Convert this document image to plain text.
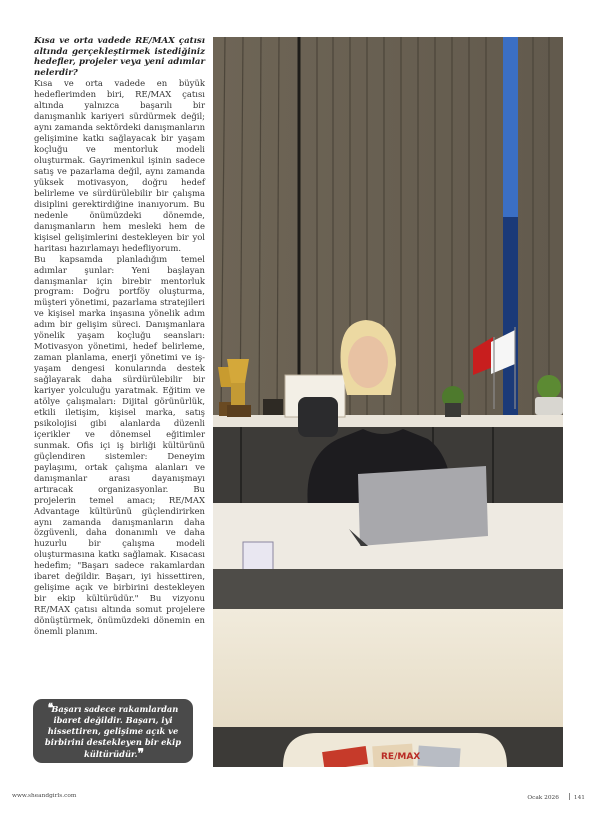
Kısa ve orta vadede RE/MAX çatısı altında gerçekleştirmek istediğiniz hedefler, projeler veya yeni adımlar nelerdir?

Kısa ve orta vadede en büyük hedeflerimden biri, RE/MAX çatısı altında yalnızca başarılı bir danışmanlık kariyeri sürdürmek değil; aynı zamanda sektördeki danışmanların gelişimine katkı sağlayacak bir yaşam koçluğu ve mentorluk modeli oluşturmak. Gayrimenkul işinin sadece satış ve pazarlama değil, aynı zamanda yüksek motivasyon, doğru hedef belirleme ve sürdürülebilir bir çalışma disiplini gerektirdiğine inanıyorum. Bu nedenle önümüzdeki dönemde, danışmanların hem mesleki hem de kişisel gelişimlerini destekleyen bir yol haritası hazırlamayı hedefliyorum.

Bu kapsamda planladığım temel adımlar şunlar: Yeni başlayan danışmanlar için birebir mentorluk program: Doğru portföy oluşturma, müşteri yönetimi, pazarlama stratejileri ve kişisel marka inşasına yönelik adım adım bir gelişim süreci. Danışmanlara yönelik yaşam koçluğu seansları: Motivasyon yönetimi, hedef belirleme, zaman planlama, enerji yönetimi ve iş-yaşam dengesi konularında destek sağlayarak daha sürdürülebilir bir kariyer yolculuğu yaratmak. Eğitim ve atölye çalışmaları: Dijital görünürlük, etkili iletişim, kişisel marka, satış psikolojisi gibi alanlarda düzenli içerikler ve dönemsel eğitimler sunmak. Ofis içi iş birliği kültürünü güçlendiren sistemler: Deneyim paylaşımı, ortak çalışma alanları ve danışmanlar arası dayanışmayı artıracak organizasyonlar. Bu projelerin temel amacı; RE/MAX Advantage kültürünü güçlendirirken aynı zamanda danışmanların daha özgüvenli, daha donanımlı ve daha huzurlu bir çalışma modeli oluşturmasına katkı sağlamak. Kısacası hedefim; "Başarı sadece rakamlardan ibaret değildir. Başarı, iyi hissettiren, gelişime açık ve birbirini destekleyen bir ekip kültürüdür." Bu vizyonu RE/MAX çatısı altında somut projelere dönüştürmek, önümüzdeki dönemin en önemli planım.

❛❛Başarı sadece rakamlardan ibaret değildir. Başarı, iyi hissettiren, gelişime açık ve birbirini destekleyen bir ekip kültürüdür.❞	RE/MAX
www.sheandgirls.com	Ocak 2026	141
